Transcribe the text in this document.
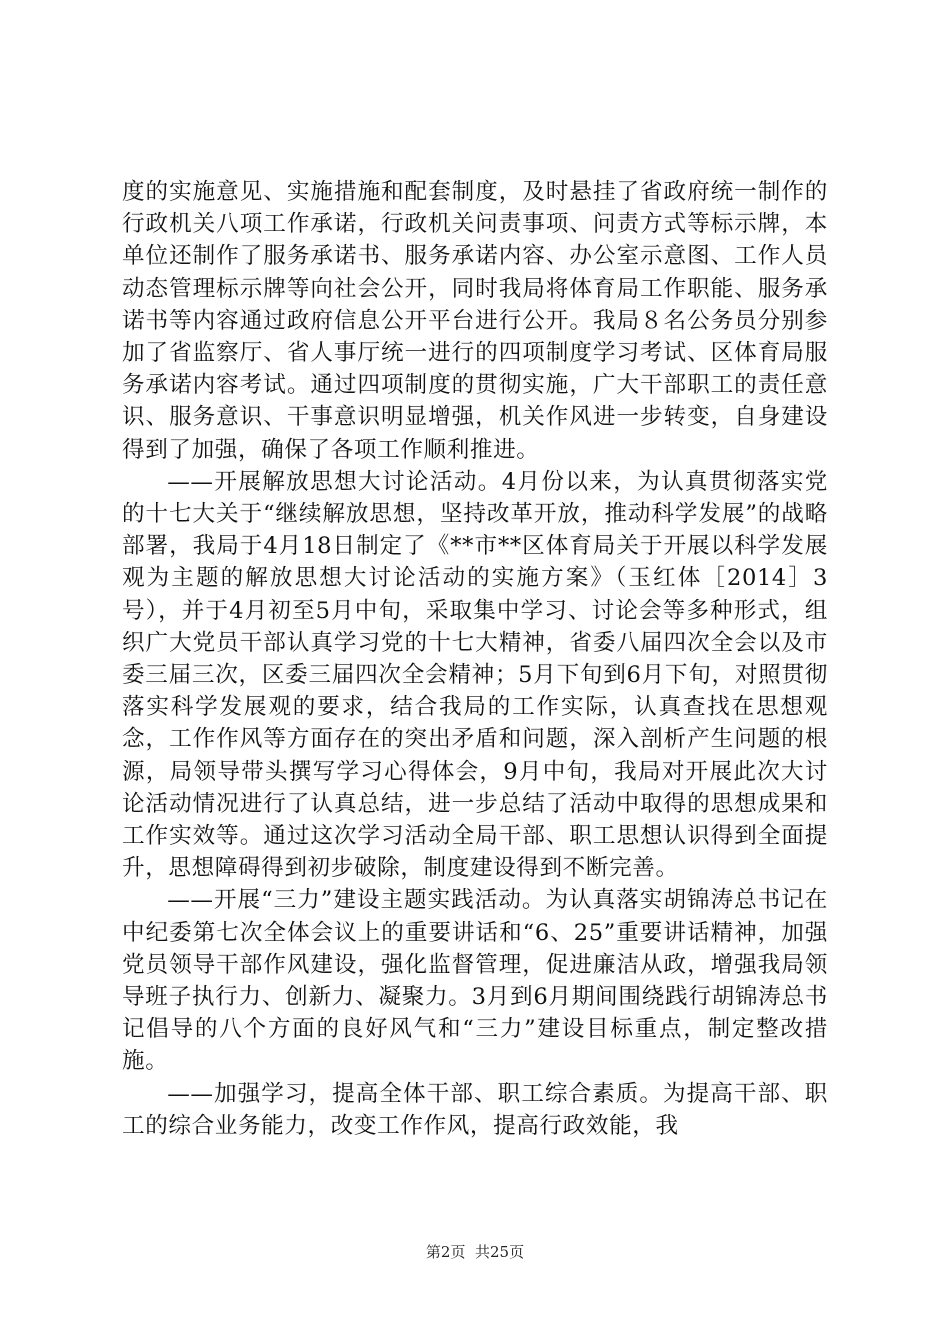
度的实施意见、实施措施和配套制度，及时悬挂了省政府统一制作的行政机关八项工作承诺，行政机关问责事项、问责方式等标示牌，本单位还制作了服务承诺书、服务承诺内容、办公室示意图、工作人员动态管理标示牌等向社会公开，同时我局将体育局工作职能、服务承诺书等内容通过政府信息公开平台进行公开。我局８名公务员分别参加了省监察厅、省人事厅统一进行的四项制度学习考试、区体育局服务承诺内容考试。通过四项制度的贯彻实施，广大干部职工的责任意识、服务意识、干事意识明显增强，机关作风进一步转变，自身建设得到了加强，确保了各项工作顺利推进。

——开展解放思想大讨论活动。4月份以来，为认真贯彻落实党的十七大关于“继续解放思想，坚持改革开放，推动科学发展”的战略部署，我局于4月18日制定了《**市**区体育局关于开展以科学发展观为主题的解放思想大讨论活动的实施方案》（玉红体［2014］3号），并于4月初至5月中旬，采取集中学习、讨论会等多种形式，组织广大党员干部认真学习党的十七大精神，省委八届四次全会以及市委三届三次，区委三届四次全会精神；5月下旬到6月下旬，对照贯彻落实科学发展观的要求，结合我局的工作实际，认真查找在思想观念，工作作风等方面存在的突出矛盾和问题，深入剖析产生问题的根源，局领导带头撰写学习心得体会，9月中旬，我局对开展此次大讨论活动情况进行了认真总结，进一步总结了活动中取得的思想成果和工作实效等。通过这次学习活动全局干部、职工思想认识得到全面提升，思想障碍得到初步破除，制度建设得到不断完善。

——开展“三力”建设主题实践活动。为认真落实胡锦涛总书记在中纪委第七次全体会议上的重要讲话和“6、25”重要讲话精神，加强党员领导干部作风建设，强化监督管理，促进廉洁从政，增强我局领导班子执行力、创新力、凝聚力。3月到6月期间围绕践行胡锦涛总书记倡导的八个方面的良好风气和“三力”建设目标重点，制定整改措施。

——加强学习，提高全体干部、职工综合素质。为提高干部、职工的综合业务能力，改变工作作风，提高行政效能，我

第2页 共25页
